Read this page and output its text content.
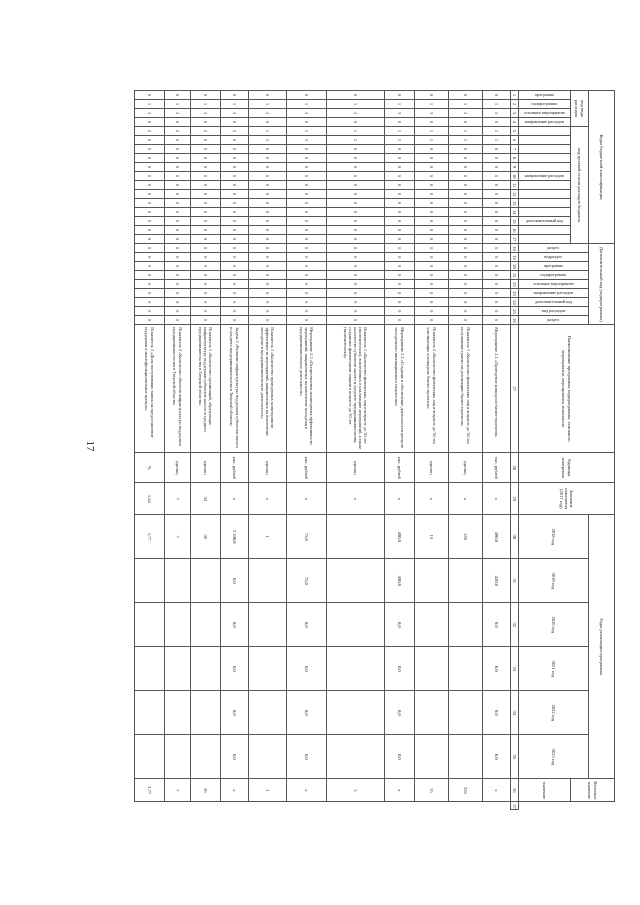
17
Коды бюджетной классификации																	Дополнительный код (подпрограммы)									Наименование программы, подпрограммы, основного мероприятия, мероприятия, показателя	Единица измерения	Значение показателя (2017 год)	Годы реализации программы						Итоговое значение	
код вида расходов				код целевой статьи расходов бюджета													раздел	подраздел	программа	подпрограмма	основное мероприятие	направление расходов	дополнительный код	вид расходов	раздел				2018 год	2019 год	2020 год	2021 год	2022 год	2023 год		

программа	подпрограмма	основное мероприятие	направление расходов						направление расходов					дополнительный код																					значение	
1	2	3	4	5	6	7	8	9	10	11	12	13	14	15	16	17	18	19	20	21	22	23	24	25	26	27	28	29	30	31	32	33	34	35	36	37
0	1	3	0	1	1	0	0	0	0	0	0	0	0	0	0	0	0	0	0	0	0	0	0	0	0	Мероприятие 2.1 «Проведение конкурсов бизнес-проектов»	тыс. рублей	х	490,0	420,0	0,0	0,0	0,0	0,0	х	
0	1	3	0	1	1	0	0	0	0	0	0	0	0	0	0	0	0	0	0	0	0	0	0	0	0	Показатель 1 «Количество физических лиц в возрасте до 30 лет, получивших гранты на реализацию бизнес-проектов»	единиц	х	255						255	
0	1	3	0	1	1	0	0	0	0	0	0	0	0	0	0	0	0	0	0	0	0	0	0	0	0	Показатель 2 «Количество физических лиц в возрасте до 30 лет, участвующих в конкурсах бизнес-проектов»	единиц	х	15						15	
0	1	3	0	1	2	0	0	0	0	0	0	0	0	0	0	0	0	0	0	0	0	0	0	0	0	Мероприятие 2.2 «Создание и обеспечение деятельности центров молодёжного инновационного творчества»	тыс. рублей	х	490,0	490,0	0,0	0,0	0,0	0,0	х	
0	1	3	0	1	2	0	0	0	0	0	0	0	0	0	0	0	0	0	0	0	0	0	0	0	0	Показатель 1 «Количество физических лиц в возрасте до 30 лет (включительно), вовлечённых в реализацию мероприятий, а также количество субъектов малого и среднего предпринимательства, созданных физическими лицами в возрасте до 30 лет (включительно)»	единиц	х							5	
0	1	3	0	1	3	0	0	0	0	0	0	0	0	0	0	0	0	0	0	0	0	0	0	0	0	Мероприятие 2.3 «Осуществление мониторинга эффективности мероприятий, направленных на вовлечение молодёжи в предпринимательскую деятельность»	тыс. рублей	х	75,0	75,0	0,0	0,0	0,0	0,0	х	
0	1	3	0	1	3	0	0	0	0	0	0	0	0	0	0	0	0	0	0	0	0	0	0	0	0	Показатель 1 «Количество проведённых мониторингов эффективности мероприятий, направленных на вовлечение молодёжи в предпринимательскую деятельность»	единиц	х	1						1	
0	1	3	0	2	0	0	0	0	0	0	0	0	0	0	0	0	0	0	0	0	0	0	0	0	0	Задача 3 «Развитие инфраструктуры поддержки субъектов малого и среднего предпринимательства в Тверской области»	тыс. рублей	х	2 590,0	0,0	0,0	0,0	0,0	0,0	х	
0	1	3	0	2	0	0	0	0	0	0	0	0	0	0	0	0	0	0	0	0	0	0	0	0	0	Показатель 1 «Количество организаций, образующих инфраструктуру поддержки субъектов малого и среднего предпринимательства в Тверской области»	единиц	34	36						36	
0	1	3	0	2	0	0	0	0	0	0	0	0	0	0	0	0	0	0	0	0	0	0	0	0	0	Показатель 2 «Количество объектов инфраструктуры поддержки предпринимательства в Тверской области»	единиц	7	7						7	
0	1	3	0	2	0	0	0	0	0	0	0	0	0	0	0	0	0	0	0	0	0	0	0	0	0	Показатель 3 «Доля поступивших заявок на предоставление поддержки в многофункциональные центры»	%	1,54	1,77						1,77	
